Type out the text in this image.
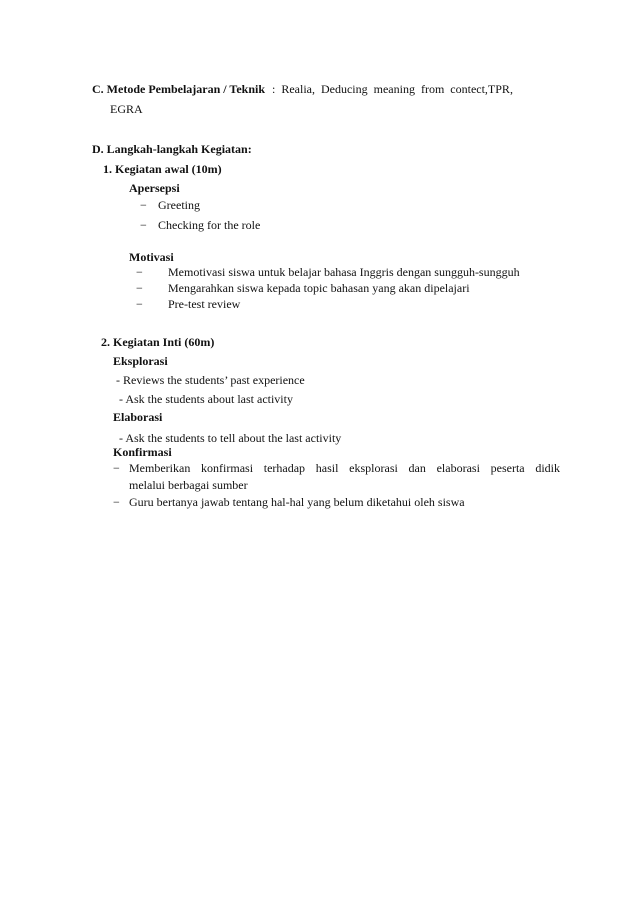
C. Metode Pembelajaran / Teknik : Realia, Deducing meaning from contect,TPR,
EGRA
D. Langkah-langkah Kegiatan:
1. Kegiatan awal (10m)
Apersepsi
− Greeting
− Checking for the role
Motivasi
− Memotivasi siswa untuk belajar bahasa Inggris dengan sungguh-sungguh
− Mengarahkan siswa kepada topic bahasan yang akan dipelajari
− Pre-test review
2. Kegiatan Inti (60m)
Eksplorasi
- Reviews the students’ past experience
- Ask the students about last activity
Elaborasi
- Ask the students to tell about the last activity
Konfirmasi
− Memberikan konfirmasi terhadap hasil eksplorasi dan elaborasi peserta didik
melalui berbagai sumber
− Guru bertanya jawab tentang hal-hal yang belum diketahui oleh siswa
